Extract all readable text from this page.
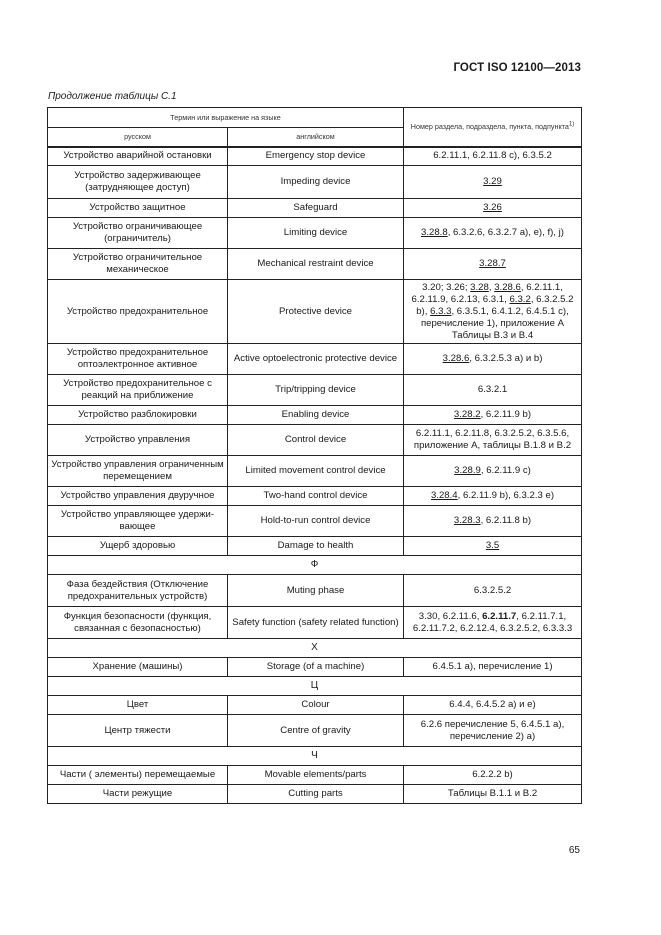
ГОСТ ISO 12100—2013
Продолжение таблицы С.1
Термин или выражение на языке		Номер раздела, подраздела, пункта, подпункта$^{1)}$
русском	английском	
Устройство аварийной остановки	Emergency stop device	6.2.11.1, 6.2.11.8 c), 6.3.5.2
Устройство задерживающее (затрудняющее доступ)	Impeding device	3.29
Устройство защитное	Safeguard	3.26
Устройство ограничивающее (ограничитель)	Limiting device	3.28.8, 6.3.2.6, 6.3.2.7 a), e), f), j)
Устройство ограничительное механическое	Mechanical restraint device	3.28.7
Устройство предохранительное	Protective device	3.20; 3.26; 3.28, 3.28.6, 6.2.11.1, 6.2.11.9, 6.2.13, 6.3.1, 6.3.2, 6.3.2.5.2 b), 6.3.3, 6.3.5.1, 6.4.1.2, 6.4.5.1 c), перечисление 1), приложение A Таблицы B.3 и B.4
Устройство предохранительное оптоэлектронное активное	Active optoelectronic protective device	3.28.6, 6.3.2.5.3 a) и b)
Устройство предохранительное с реакций на приближение	Trip/tripping device	6.3.2.1
Устройство разблокировки	Enabling device	3.28.2, 6.2.11.9 b)
Устройство управления	Control device	6.2.11.1, 6.2.11.8, 6.3.2.5.2, 6.3.5.6, приложение A, таблицы B.1.8 и B.2
Устройство управления ограниченным перемещением	Limited movement control device	3.28.9, 6.2.11.9 c)
Устройство управления двуручное	Two-hand control device	3.28.4, 6.2.11.9 b), 6.3.2.3 e)
Устройство управляющее удерживающее	Hold-to-run control device	3.28.3, 6.2.11.8 b)
Ущерб здоровью	Damage to health	3.5
Ф		
Фаза бездействия (Отключение предохранительных устройств)	Muting phase	6.3.2.5.2
Функция безопасности (функция, связанная с безопасностью)	Safety function (safety related function)	3.30, 6.2.11.6, 6.2.11.7, 6.2.11.7.1, 6.2.11.7.2, 6.2.12.4, 6.3.2.5.2, 6.3.3.3
Х		
Хранение (машины)	Storage (of a machine)	6.4.5.1 a), перечисление 1)
Ц		
Цвет	Colour	6.4.4, 6.4.5.2 a) и e)
Центр тяжести	Centre of gravity	6.2.6 перечисление 5, 6.4.5.1 a), перечисление 2) a)
Ч		
Части ( элементы) перемещаемые	Movable elements/parts	6.2.2.2 b)
Части режущие	Cutting parts	Таблицы B.1.1 и B.2
65
